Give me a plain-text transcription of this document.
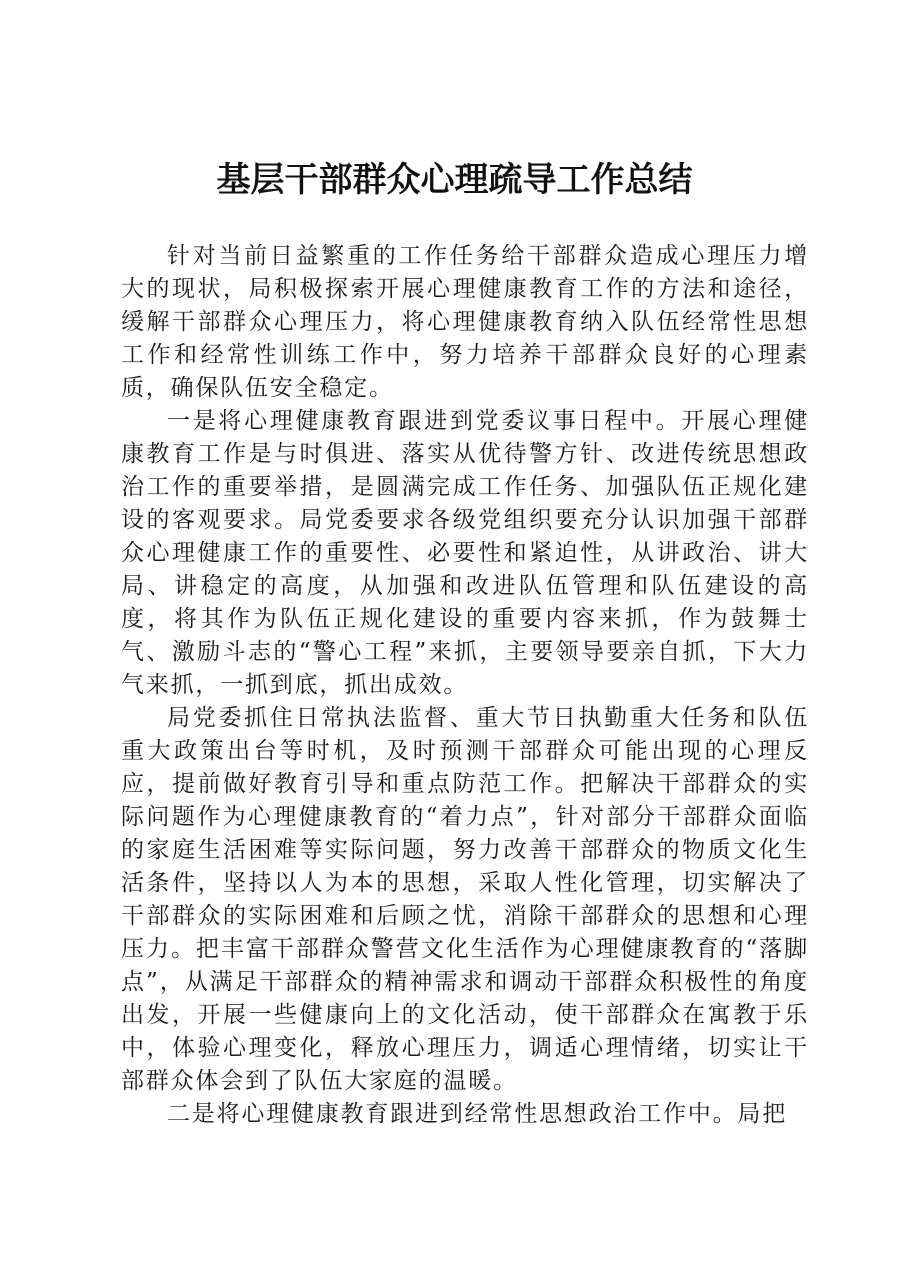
基层干部群众心理疏导工作总结

针对当前日益繁重的工作任务给干部群众造成心理压力增大的现状，局积极探索开展心理健康教育工作的方法和途径，缓解干部群众心理压力，将心理健康教育纳入队伍经常性思想工作和经常性训练工作中，努力培养干部群众良好的心理素质，确保队伍安全稳定。

一是将心理健康教育跟进到党委议事日程中。开展心理健康教育工作是与时俱进、落实从优待警方针、改进传统思想政治工作的重要举措，是圆满完成工作任务、加强队伍正规化建设的客观要求。局党委要求各级党组织要充分认识加强干部群众心理健康工作的重要性、必要性和紧迫性，从讲政治、讲大局、讲稳定的高度，从加强和改进队伍管理和队伍建设的高度，将其作为队伍正规化建设的重要内容来抓，作为鼓舞士气、激励斗志的“警心工程”来抓，主要领导要亲自抓，下大力气来抓，一抓到底，抓出成效。

局党委抓住日常执法监督、重大节日执勤重大任务和队伍重大政策出台等时机，及时预测干部群众可能出现的心理反应，提前做好教育引导和重点防范工作。把解决干部群众的实际问题作为心理健康教育的“着力点”，针对部分干部群众面临的家庭生活困难等实际问题，努力改善干部群众的物质文化生活条件，坚持以人为本的思想，采取人性化管理，切实解决了干部群众的实际困难和后顾之忧，消除干部群众的思想和心理压力。把丰富干部群众警营文化生活作为心理健康教育的“落脚点”，从满足干部群众的精神需求和调动干部群众积极性的角度出发，开展一些健康向上的文化活动，使干部群众在寓教于乐中，体验心理变化，释放心理压力，调适心理情绪，切实让干部群众体会到了队伍大家庭的温暖。

二是将心理健康教育跟进到经常性思想政治工作中。局把
